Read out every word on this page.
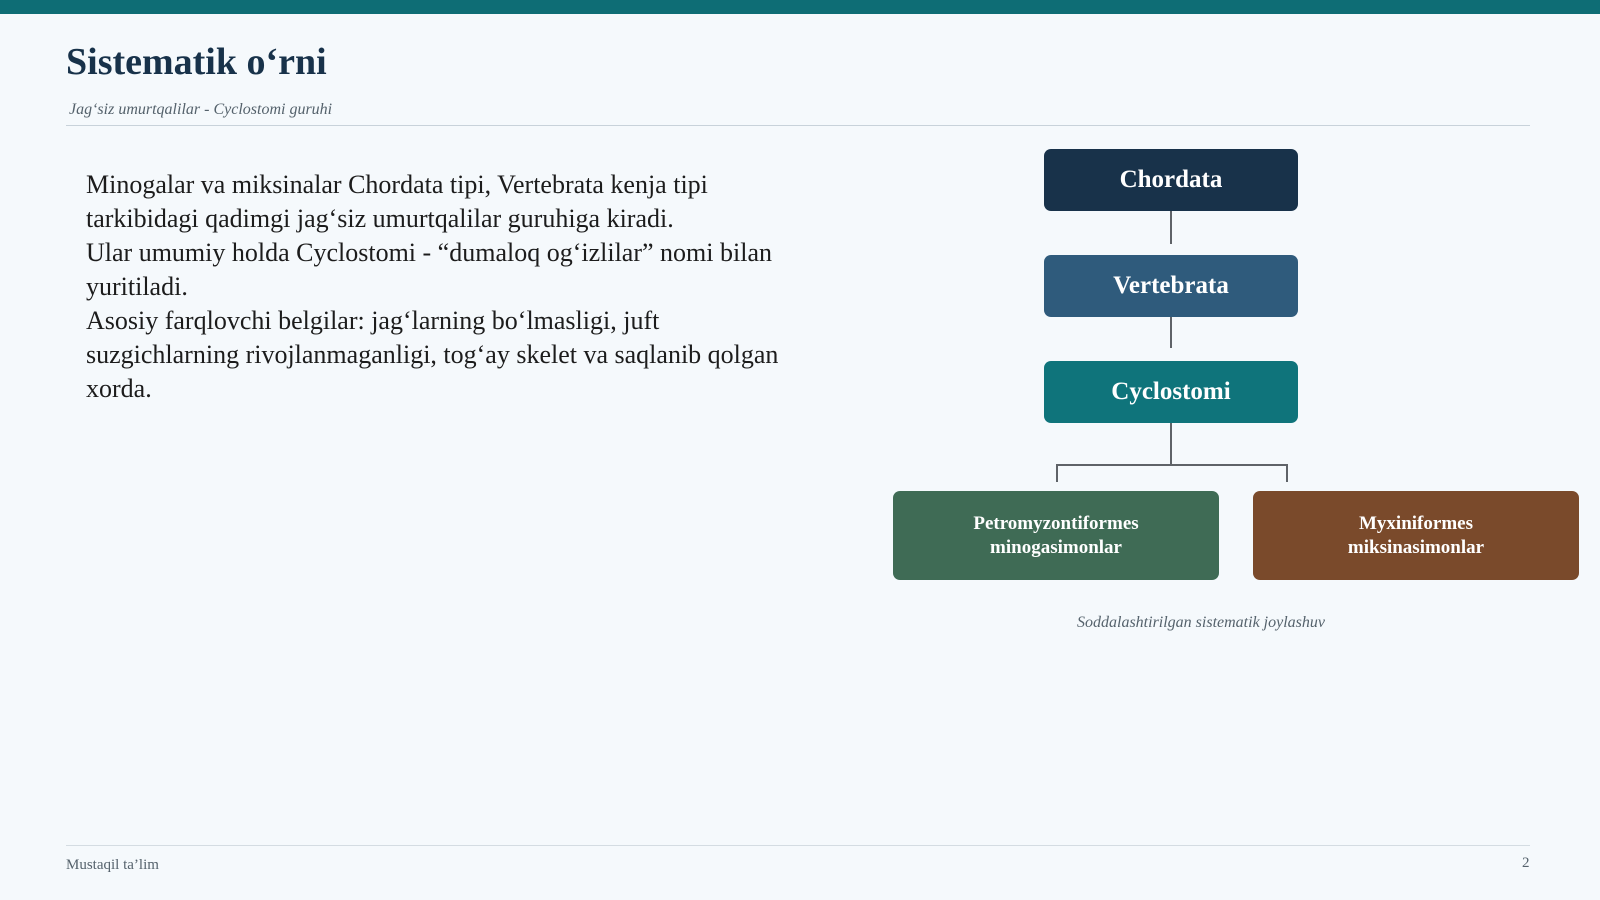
Sistematik o‘rni
Jag‘siz umurtqalilar - Cyclostomi guruhi

Minogalar va miksinalar Chordata tipi, Vertebrata kenja tipi tarkibidagi qadimgi jag‘siz umurtqalilar guruhiga kiradi.

Ular umumiy holda Cyclostomi - “dumaloq og‘izlilar” nomi bilan yuritiladi.

Asosiy farqlovchi belgilar: jag‘larning bo‘lmasligi, juft suzgichlarning rivojlanmaganligi, tog‘ay skelet va saqlanib qolgan xorda.

Chordata
Vertebrata
Cyclostomi
Petromyzontiformes
minogasimonlar
Myxiniformes
miksinasimonlar
Soddalashtirilgan sistematik joylashuv
Mustaqil ta’lim	2
